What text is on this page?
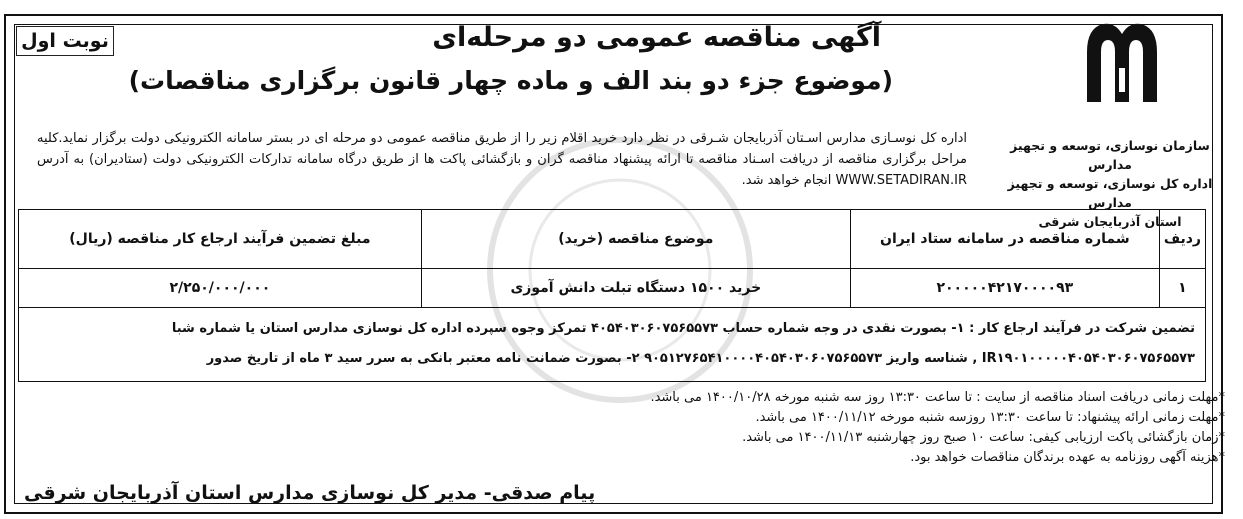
سازمان نوسازی، توسعه و تجهیز مدارس
اداره کل نوسازی، توسعه و تجهیز مدارس
استان آذربایجان شرقی
آگهی مناقصه عمومی دو مرحله‌ای
(موضوع جزء دو بند الف و ماده چهار قانون برگزاری مناقصات)
نوبت اول
اداره کل نوسـازی مدارس اسـتان آذربایجان شـرقی در نظر دارد خرید اقلام زیر را از طریق مناقصه عمومی دو مرحله ای در بستر سامانه الکترونیکی دولت برگزار نماید.کلیه مراحل برگزاری مناقصه از دریافت اسـناد مناقصه تا ارائه پیشنهاد مناقصه گران و بازگشائی پاکت ها از طریق درگاه سامانه تدارکات الکترونیکی دولت (ستادیران) به آدرس WWW.SETADIRAN.IR انجام خواهد شد.
ردیف	شماره مناقصه در سامانه ستاد ایران	موضوع مناقصه (خرید)	مبلغ تضمین فرآیند ارجاع کار مناقصه (ریال)
۱	۲۰۰۰۰۰۴۲۱۷۰۰۰۰۹۳	خرید ۱۵۰۰ دستگاه تبلت دانش آموزی	۲/۲۵۰/۰۰۰/۰۰۰
تضمین شرکت در فرآیند ارجاع کار : ۱- بصورت نقدی در وجه شماره حساب ۴۰۵۴۰۳۰۶۰۷۵۶۵۵۷۳ تمرکز وجوه سپرده اداره کل نوسازی مدارس استان یا شماره شبا
IR۱۹۰۱۰۰۰۰۰۴۰۵۴۰۳۰۶۰۷۵۶۵۵۷۳ , شناسه واریز ۹۰۵۱۲۷۶۵۴۱۰۰۰۰۴۰۵۴۰۳۰۶۰۷۵۶۵۵۷۳ ۲- بصورت ضمانت نامه معتبر بانکی به سرر سید ۳ ماه از تاریخ صدور
*مهلت زمانی دریافت اسناد مناقصه از سایت : تا ساعت ۱۳:۳۰ روز سه شنبه مورخه ۱۴۰۰/۱۰/۲۸ می باشد.
*مهلت زمانی ارائه پیشنهاد: تا ساعت ۱۳:۳۰ روزسه شنبه مورخه ۱۴۰۰/۱۱/۱۲ می باشد.
*زمان بازگشائی پاکت ارزیابی کیفی: ساعت ۱۰ صبح روز چهارشنبه ۱۴۰۰/۱۱/۱۳ می باشد.
*هزینه آگهی روزنامه به عهده برندگان مناقصات خواهد بود.
پیام صدقی- مدیر کل نوسازی مدارس استان آذربایجان شرقی
